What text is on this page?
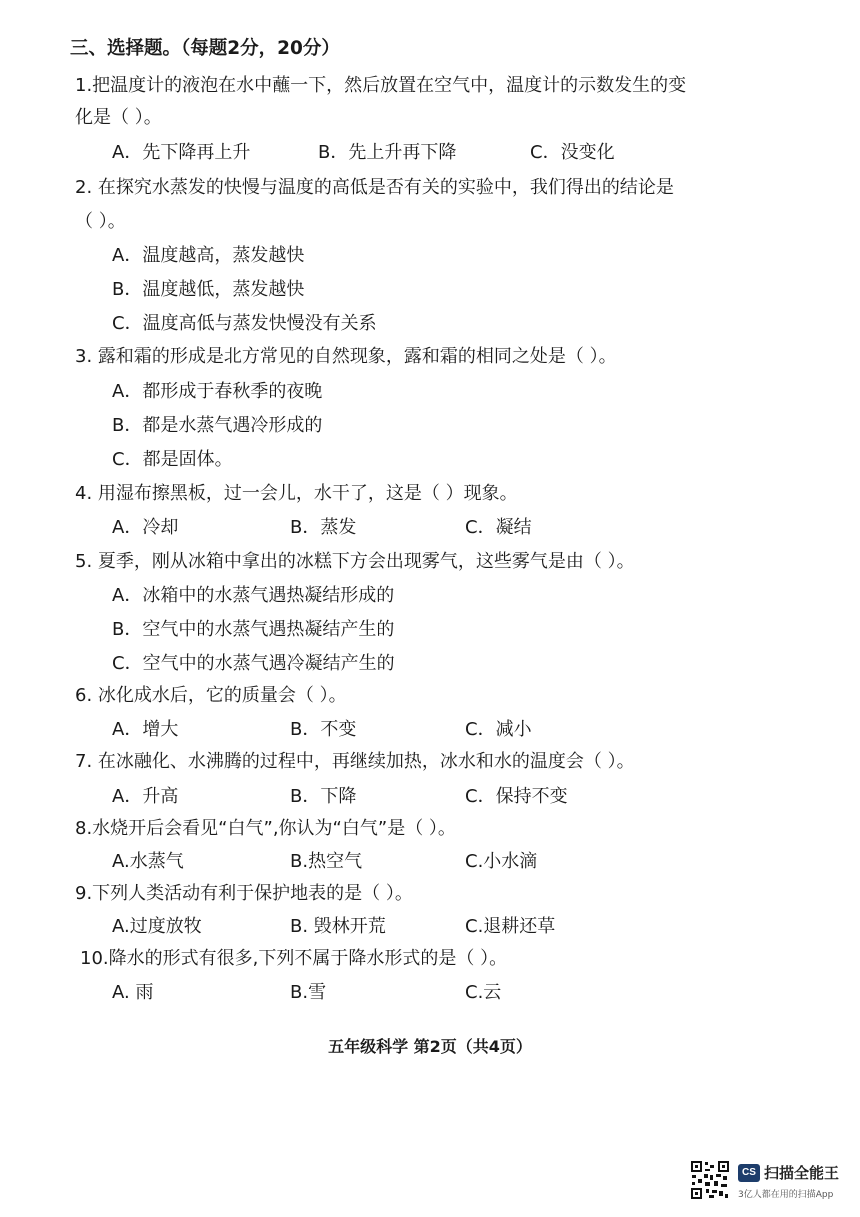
三、选择题。（每题2分，20分）
1.把温度计的液泡在水中蘸一下，然后放置在空气中，温度计的示数发生的变
化是（ ）。
A．先下降再上升	B．先上升再下降	C．没变化
2. 在探究水蒸发的快慢与温度的高低是否有关的实验中，我们得出的结论是
（ ）。
A．温度越高，蒸发越快
B．温度越低，蒸发越快
C．温度高低与蒸发快慢没有关系
3. 露和霜的形成是北方常见的自然现象，露和霜的相同之处是（ ）。
A．都形成于春秋季的夜晚
B．都是水蒸气遇冷形成的
C．都是固体。
4. 用湿布擦黑板，过一会儿，水干了，这是（ ）现象。
A．冷却	B．蒸发	C．凝结
5. 夏季，刚从冰箱中拿出的冰糕下方会出现雾气，这些雾气是由（ ）。
A．冰箱中的水蒸气遇热凝结形成的
B．空气中的水蒸气遇热凝结产生的
C．空气中的水蒸气遇冷凝结产生的
6. 冰化成水后，它的质量会（ ）。
A．增大	B．不变	C．减小
7. 在冰融化、水沸腾的过程中，再继续加热，冰水和水的温度会（ ）。
A．升高	B．下降	C．保持不变
8.水烧开后会看见“白气”,你认为“白气”是（ ）。
A.水蒸气	B.热空气	C.小水滴
9.下列人类活动有利于保护地表的是（ ）。
A.过度放牧	B. 毁林开荒	C.退耕还草
10.降水的形式有很多,下列不属于降水形式的是（ ）。
A. 雨	B.雪	C.云
五年级科学 第2页（共4页）
CS 扫描全能王
3亿人都在用的扫描App
